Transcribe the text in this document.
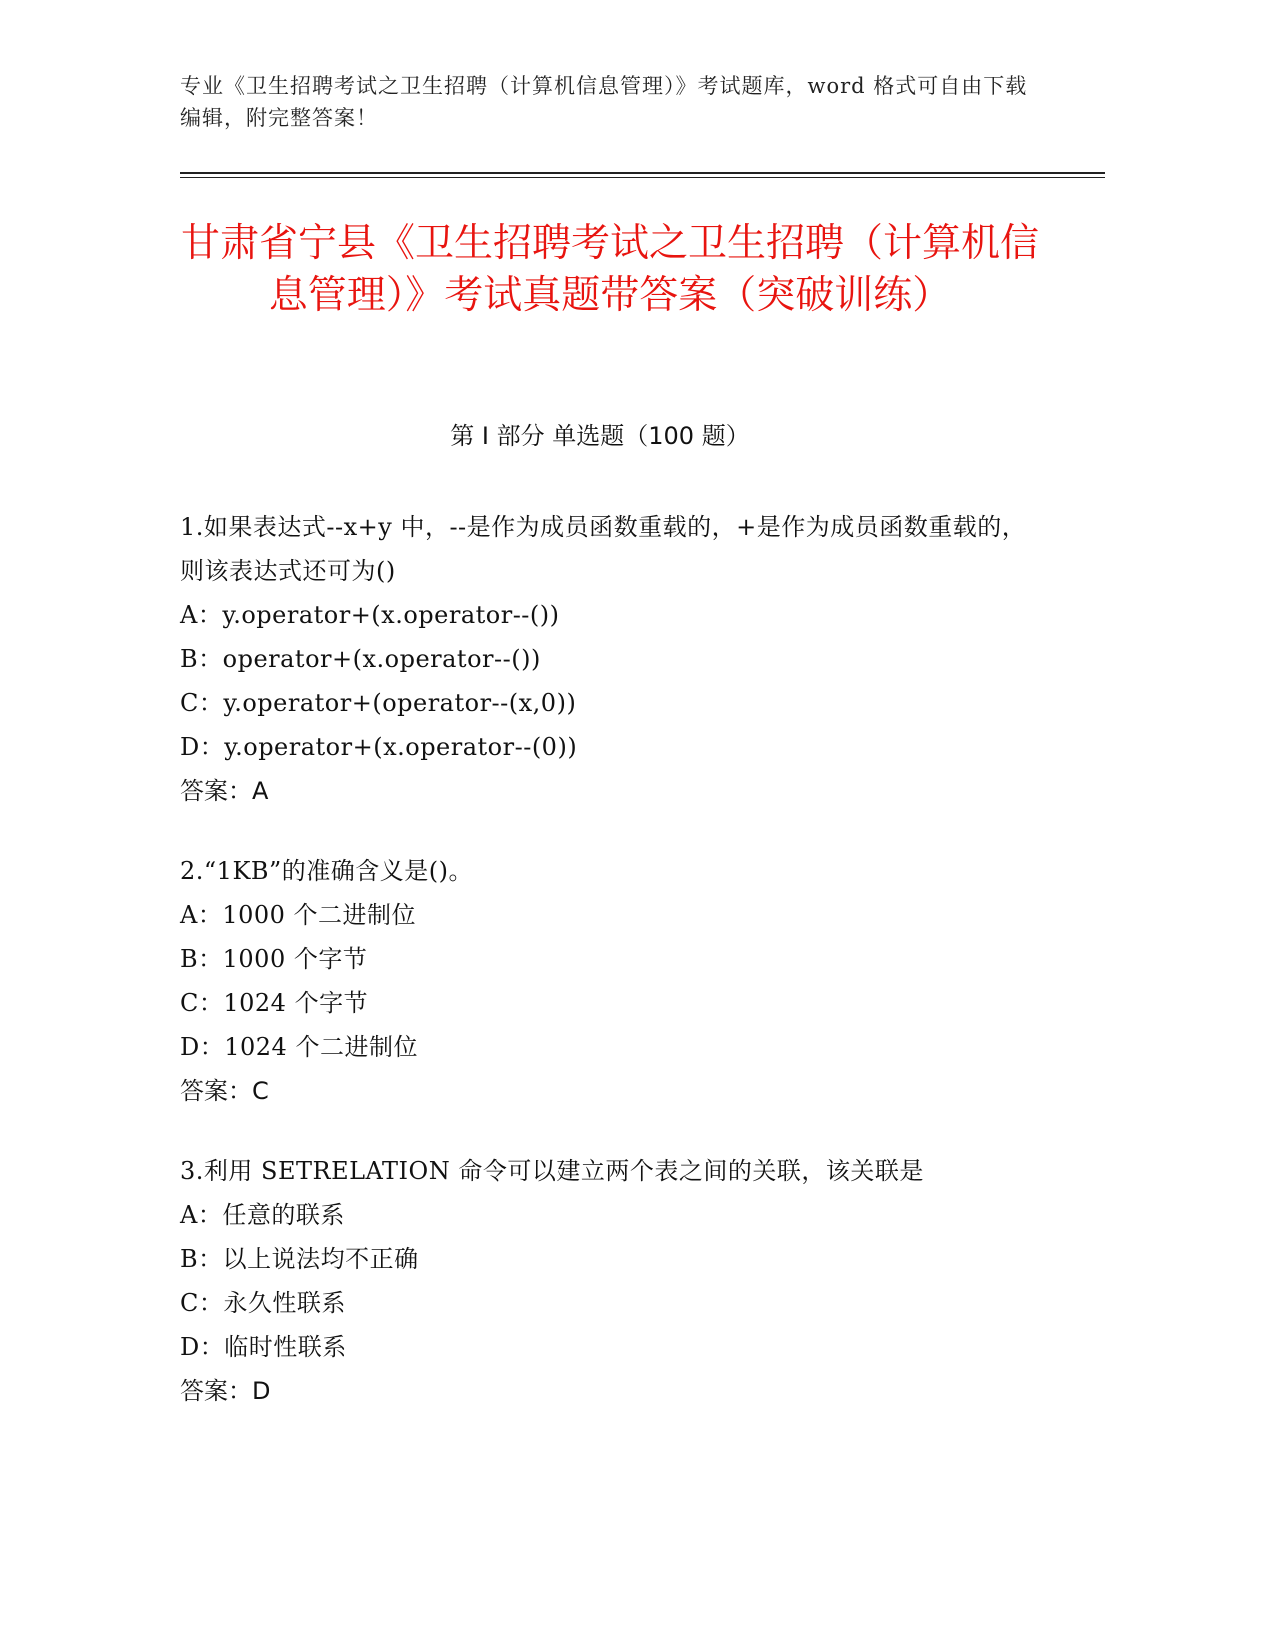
专业《卫生招聘考试之卫生招聘（计算机信息管理）》考试题库，word 格式可自由下载编辑，附完整答案！
甘肃省宁县《卫生招聘考试之卫生招聘（计算机信息管理）》考试真题带答案（突破训练）
第 I 部分 单选题（100 题）
1.如果表达式--x+y 中，--是作为成员函数重载的，+是作为成员函数重载的，则该表达式还可为()
A：y.operator+(x.operator--())
B：operator+(x.operator--())
C：y.operator+(operator--(x,0))
D：y.operator+(x.operator--(0))
答案：A
2.“1KB”的准确含义是()。
A：1000 个二进制位
B：1000 个字节
C：1024 个字节
D：1024 个二进制位
答案：C
3.利用 SETRELATION 命令可以建立两个表之间的关联，该关联是
A：任意的联系
B：以上说法均不正确
C：永久性联系
D：临时性联系
答案：D
